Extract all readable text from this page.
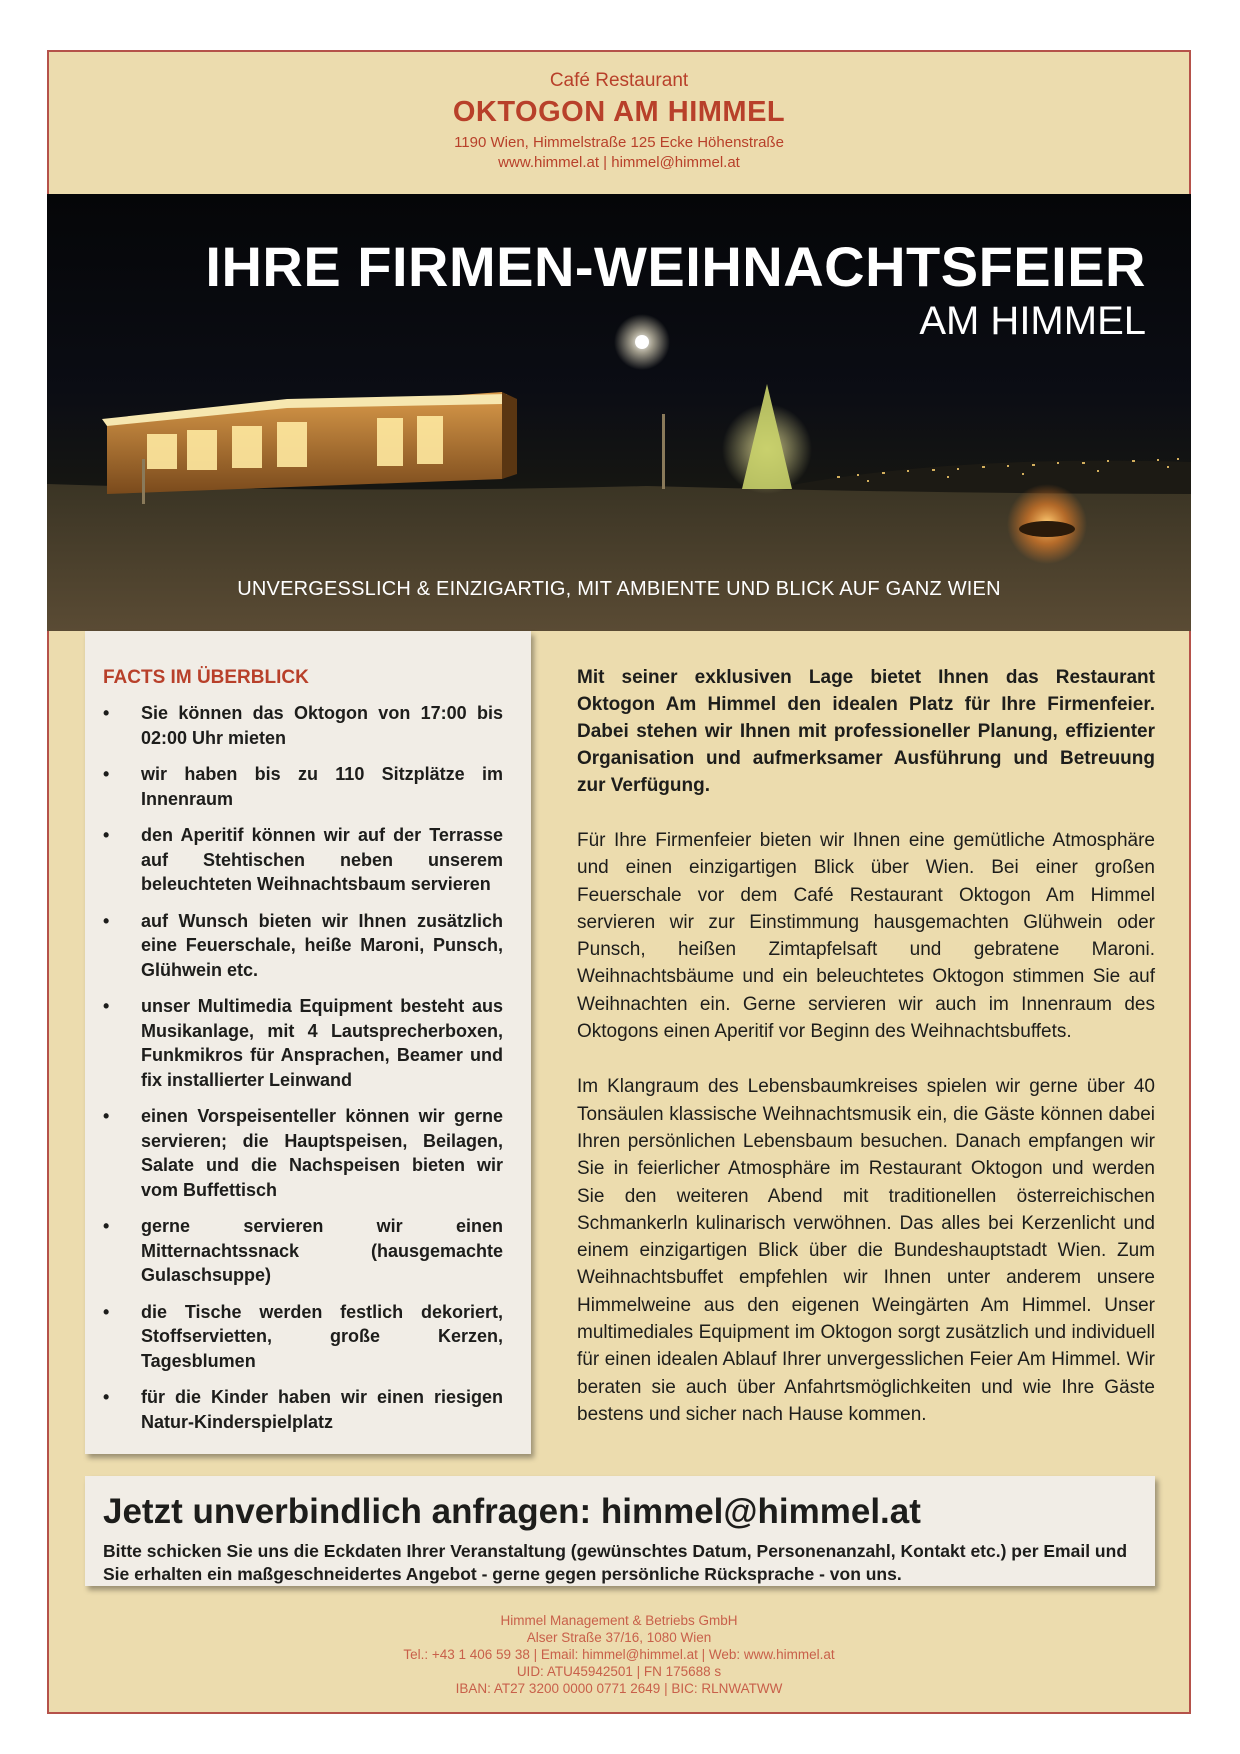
Café Restaurant
OKTOGON AM HIMMEL
1190 Wien, Himmelstraße 125 Ecke Höhenstraße
www.himmel.at | himmel@himmel.at
IHRE FIRMEN-WEIHNACHTSFEIER
AM HIMMEL
UNVERGESSLICH & EINZIGARTIG, MIT AMBIENTE UND BLICK AUF GANZ WIEN
FACTS IM ÜBERBLICK
• Sie können das Oktogon von 17:00 bis 02:00 Uhr mieten
• wir haben bis zu 110 Sitzplätze im Innenraum
• den Aperitif können wir auf der Terrasse auf Stehtischen neben unserem beleuchteten Weihnachtsbaum servieren
• auf Wunsch bieten wir Ihnen zusätzlich eine Feuerschale, heiße Maroni, Punsch, Glühwein etc.
• unser Multimedia Equipment besteht aus Musikanlage, mit 4 Lautsprecherboxen, Funkmikros für Ansprachen, Beamer und fix installierter Leinwand
• einen Vorspeisenteller können wir gerne servieren; die Hauptspeisen, Beilagen, Salate und die Nachspeisen bieten wir vom Buffettisch
• gerne servieren wir einen Mitternachtssnack (hausgemachte Gulaschsuppe)
• die Tische werden festlich dekoriert, Stoffservietten, große Kerzen, Tagesblumen
• für die Kinder haben wir einen riesigen Natur-Kinderspielplatz

Mit seiner exklusiven Lage bietet Ihnen das Restaurant Oktogon Am Himmel den idealen Platz für Ihre Firmenfeier. Dabei stehen wir Ihnen mit professioneller Planung, effizienter Organisation und aufmerksamer Ausführung und Betreuung zur Verfügung.

Für Ihre Firmenfeier bieten wir Ihnen eine gemütliche Atmosphäre und einen einzigartigen Blick über Wien. Bei einer großen Feuerschale vor dem Café Restaurant Oktogon Am Himmel servieren wir zur Einstimmung hausgemachten Glühwein oder Punsch, heißen Zimtapfelsaft und gebratene Maroni. Weihnachtsbäume und ein beleuchtetes Oktogon stimmen Sie auf Weihnachten ein. Gerne servieren wir auch im Innenraum des Oktogons einen Aperitif vor Beginn des Weihnachtsbuffets.

Im Klangraum des Lebensbaumkreises spielen wir gerne über 40 Tonsäulen klassische Weihnachtsmusik ein, die Gäste können dabei Ihren persönlichen Lebensbaum besuchen. Danach empfangen wir Sie in feierlicher Atmosphäre im Restaurant Oktogon und werden Sie den weiteren Abend mit traditionellen österreichischen Schmankerln kulinarisch verwöhnen. Das alles bei Kerzenlicht und einem einzigartigen Blick über die Bundeshauptstadt Wien. Zum Weihnachtsbuffet empfehlen wir Ihnen unter anderem unsere Himmelweine aus den eigenen Weingärten Am Himmel. Unser multimediales Equipment im Oktogon sorgt zusätzlich und individuell für einen idealen Ablauf Ihrer unvergesslichen Feier Am Himmel. Wir beraten sie auch über Anfahrtsmöglichkeiten und wie Ihre Gäste bestens und sicher nach Hause kommen.

Jetzt unverbindlich anfragen: himmel@himmel.at
Bitte schicken Sie uns die Eckdaten Ihrer Veranstaltung (gewünschtes Datum, Personenanzahl, Kontakt etc.) per Email und Sie erhalten ein maßgeschneidertes Angebot - gerne gegen persönliche Rücksprache - von uns.
Himmel Management & Betriebs GmbH
Alser Straße 37/16, 1080 Wien
Tel.: +43 1 406 59 38 | Email: himmel@himmel.at | Web: www.himmel.at
UID: ATU45942501 | FN 175688 s
IBAN: AT27 3200 0000 0771 2649 | BIC: RLNWATWW
